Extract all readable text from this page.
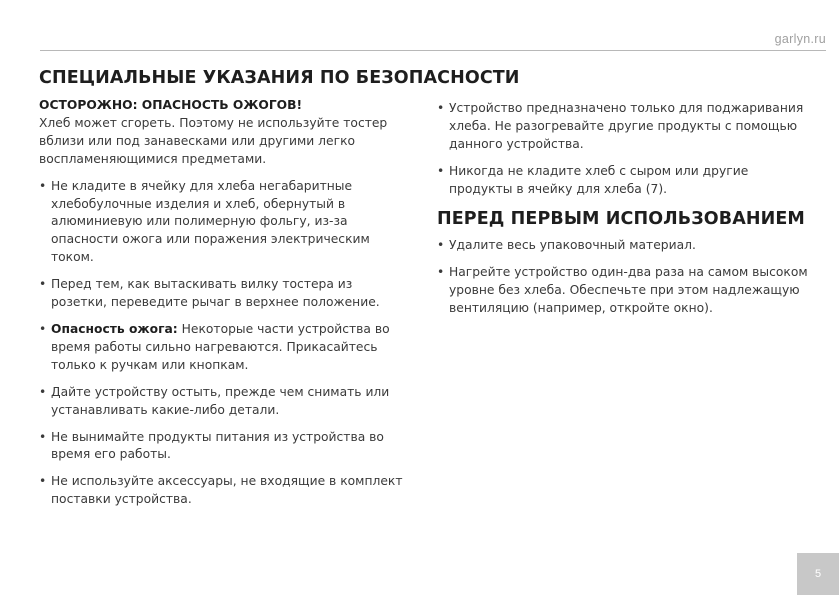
garlyn.ru
СПЕЦИАЛЬНЫЕ УКАЗАНИЯ ПО БЕЗОПАСНОСТИ
ОСТОРОЖНО: ОПАСНОСТЬ ОЖОГОВ!

Хлеб может сгореть. Поэтому не используйте тостер вблизи или под занавесками или другими легко воспламеняющимися предметами.

• Не кладите в ячейку для хлеба негабаритные хлебобулочные изделия и хлеб, обернутый в алюминиевую или полимерную фольгу, из-за опасности ожога или поражения электрическим током.
• Перед тем, как вытаскивать вилку тостера из розетки, переведите рычаг в верхнее положение.
• Опасность ожога: Некоторые части устройства во время работы сильно нагреваются. Прикасайтесь только к ручкам или кнопкам.
• Дайте устройству остыть, прежде чем снимать или устанавливать какие-либо детали.
• Не вынимайте продукты питания из устройства во время его работы.
• Не используйте аксессуары, не входящие в комплект поставки устройства.
• Устройство предназначено только для поджаривания хлеба. Не разогревайте другие продукты с помощью данного устройства.
• Никогда не кладите хлеб с сыром или другие продукты в ячейку для хлеба (7).
ПЕРЕД ПЕРВЫМ ИСПОЛЬЗОВАНИЕМ
• Удалите весь упаковочный материал.
• Нагрейте устройство один-два раза на самом высоком уровне без хлеба. Обеспечьте при этом надлежащую вентиляцию (например, откройте окно).
5
